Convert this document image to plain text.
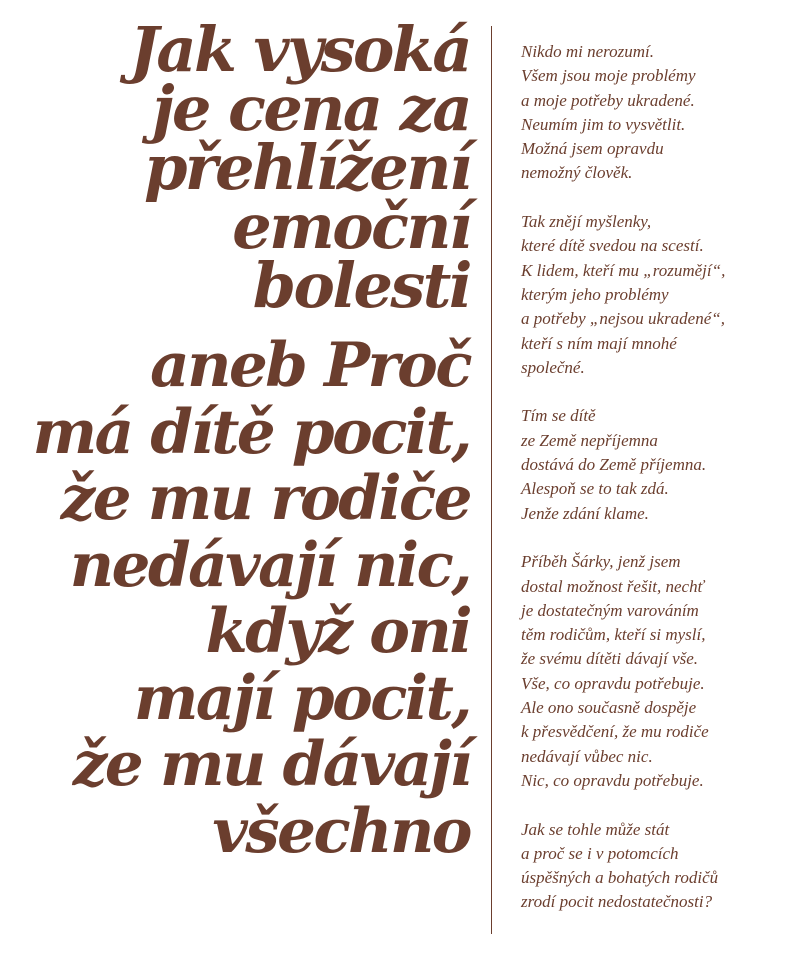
Jak vysoká
je cena za
přehlížení
emoční
bolesti
aneb Proč
má dítě pocit,
že mu rodiče
nedávají nic,
když oni
mají pocit,
že mu dávají
všechno
Nikdo mi nerozumí.
Všem jsou moje problémy
a moje potřeby ukradené.
Neumím jim to vysvětlit.
Možná jsem opravdu
nemožný člověk.
Tak znějí myšlenky,
které dítě svedou na scestí.
K lidem, kteří mu „rozumějí“,
kterým jeho problémy
a potřeby „nejsou ukradené“,
kteří s ním mají mnohé
společné.
Tím se dítě
ze Země nepříjemna
dostává do Země příjemna.
Alespoň se to tak zdá.
Jenže zdání klame.
Příběh Šárky, jenž jsem
dostal možnost řešit, nechť
je dostatečným varováním
těm rodičům, kteří si myslí,
že svému dítěti dávají vše.
Vše, co opravdu potřebuje.
Ale ono současně dospěje
k přesvědčení, že mu rodiče
nedávají vůbec nic.
Nic, co opravdu potřebuje.
Jak se tohle může stát
a proč se i v potomcích
úspěšných a bohatých rodičů
zrodí pocit nedostatečnosti?
